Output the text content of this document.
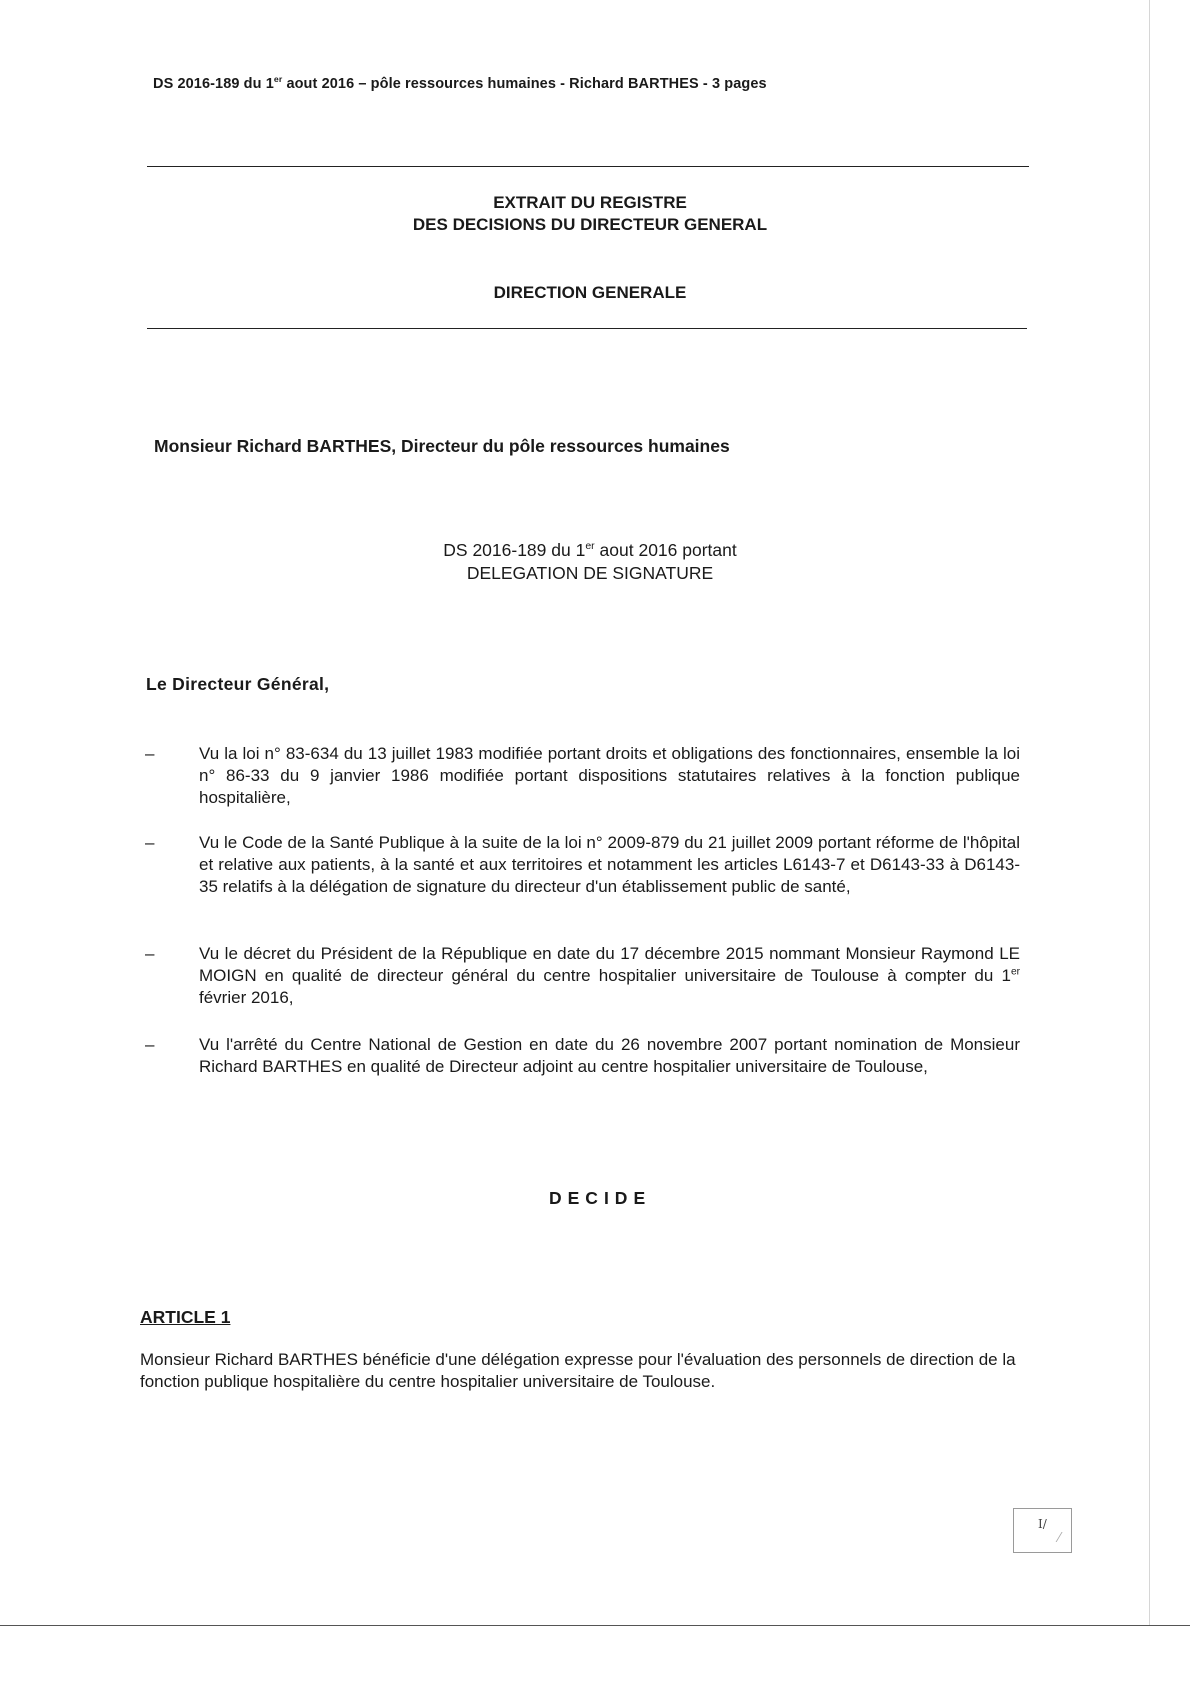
DS 2016-189 du 1er aout 2016 – pôle ressources humaines - Richard BARTHES - 3 pages
EXTRAIT DU REGISTRE
DES DECISIONS DU DIRECTEUR GENERAL
DIRECTION GENERALE
Monsieur Richard BARTHES, Directeur du pôle ressources humaines
DS 2016-189 du 1er aout 2016 portant
DELEGATION DE SIGNATURE
Le Directeur Général,
–	Vu la loi n° 83-634 du 13 juillet 1983 modifiée portant droits et obligations des fonctionnaires, ensemble la loi n° 86-33 du 9 janvier 1986 modifiée portant dispositions statutaires relatives à la fonction publique hospitalière,
–	Vu le Code de la Santé Publique à la suite de la loi n° 2009-879 du 21 juillet 2009 portant réforme de l'hôpital et relative aux patients, à la santé et aux territoires et notamment les articles L6143-7 et D6143-33 à D6143-35 relatifs à la délégation de signature du directeur d'un établissement public de santé,
–	Vu le décret du Président de la République en date du 17 décembre 2015 nommant Monsieur Raymond LE MOIGN en qualité de directeur général du centre hospitalier universitaire de Toulouse à compter du 1er février 2016,
–	Vu l'arrêté du Centre National de Gestion en date du 26 novembre 2007 portant nomination de Monsieur Richard BARTHES en qualité de Directeur adjoint au centre hospitalier universitaire de Toulouse,
DECIDE
ARTICLE 1
Monsieur Richard BARTHES bénéficie d'une délégation expresse pour l'évaluation des personnels de direction de la fonction publique hospitalière du centre hospitalier universitaire de Toulouse.
I/
⁄
